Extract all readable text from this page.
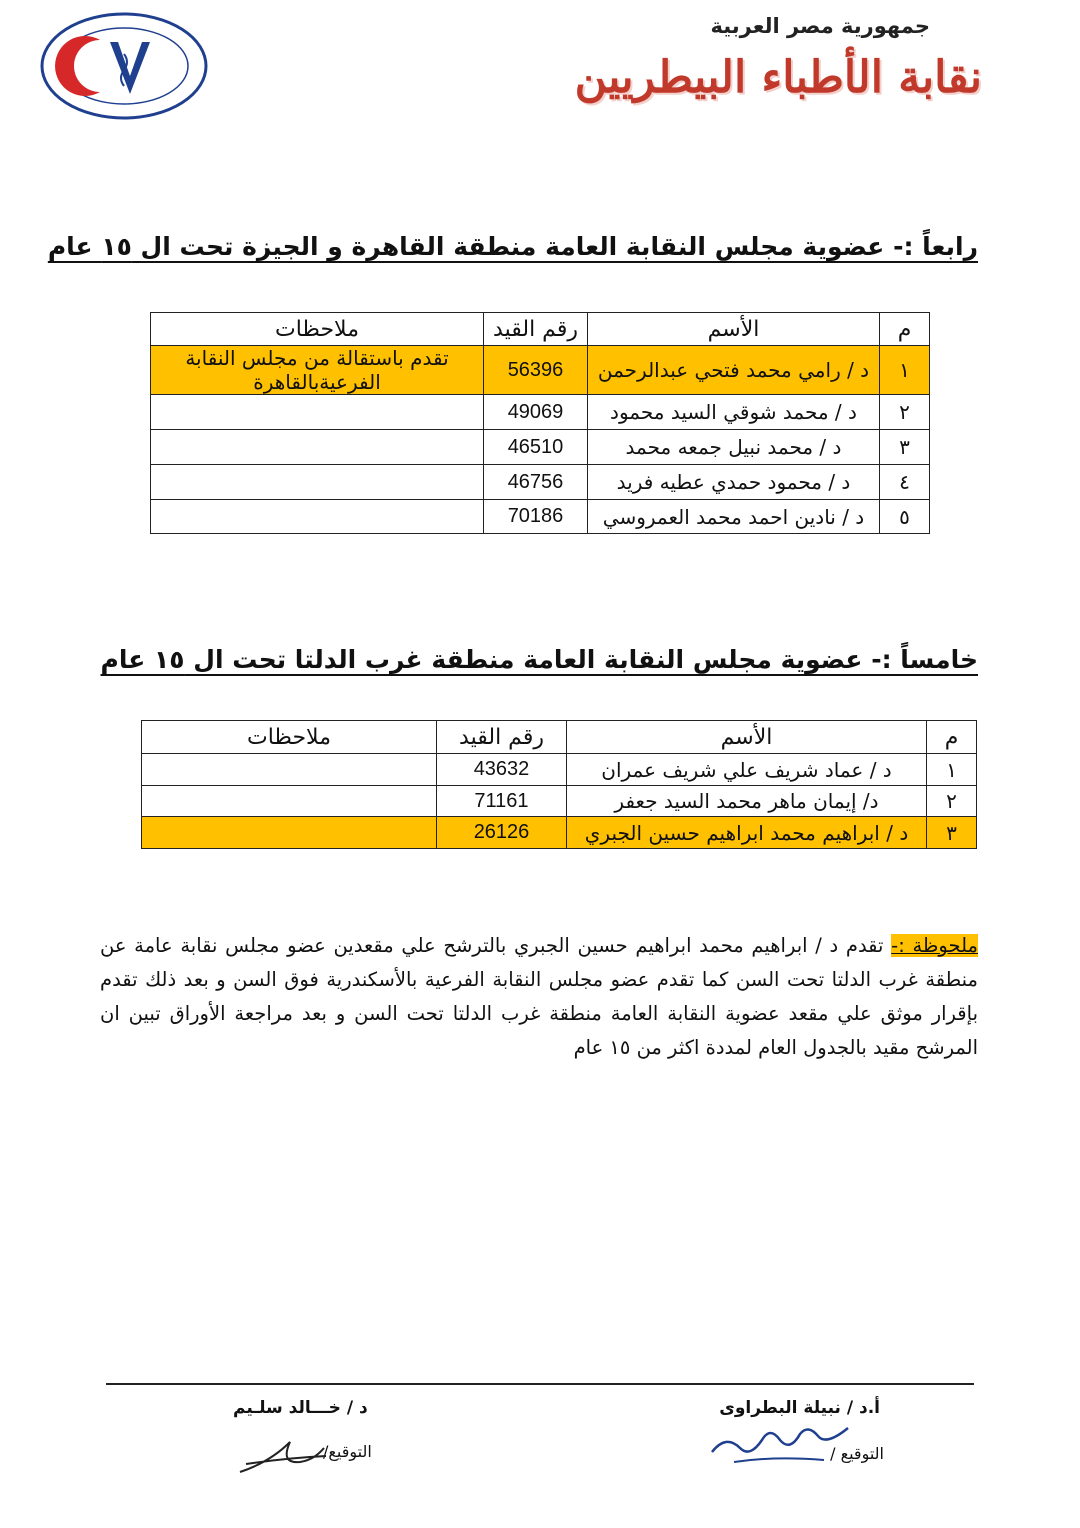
جمهورية مصر العربية
نقابة الأطباء البيطريين
رابعاً :- عضوية مجلس النقابة العامة منطقة القاهرة و الجيزة تحت ال ١٥ عام
م	الأسم	رقم القيد	ملاحظات
١	د / رامي محمد فتحي عبدالرحمن	56396	تقدم باستقالة من مجلس النقابة الفرعيةبالقاهرة
٢	د / محمد شوقي السيد محمود	49069	
٣	د / محمد نبيل جمعه محمد	46510	
٤	د / محمود حمدي عطيه فريد	46756	
٥	د / نادين احمد محمد العمروسي	70186	
خامساً :- عضوية مجلس النقابة العامة منطقة غرب الدلتا تحت ال ١٥ عام
م	الأسم	رقم القيد	ملاحظات
١	د / عماد شريف علي شريف عمران	43632	
٢	د/ إيمان ماهر محمد السيد جعفر	71161	
٣	د / ابراهيم محمد ابراهيم حسين الجبري	26126	
ملحوظة :- تقدم د / ابراهيم محمد ابراهيم حسين الجبري بالترشح علي مقعدين عضو مجلس نقابة عامة عن منطقة غرب الدلتا تحت السن كما تقدم عضو مجلس النقابة الفرعية بالأسكندرية فوق السن و بعد ذلك تقدم بإقرار موثق علي مقعد عضوية النقابة العامة منطقة غرب الدلتا تحت السن و بعد مراجعة الأوراق تبين ان المرشح مقيد بالجدول العام لمددة اكثر من ١٥ عام
أ.د / نبيلة البطراوى
التوقيع /
د / خـــالد سلـيم
التوقيع/
